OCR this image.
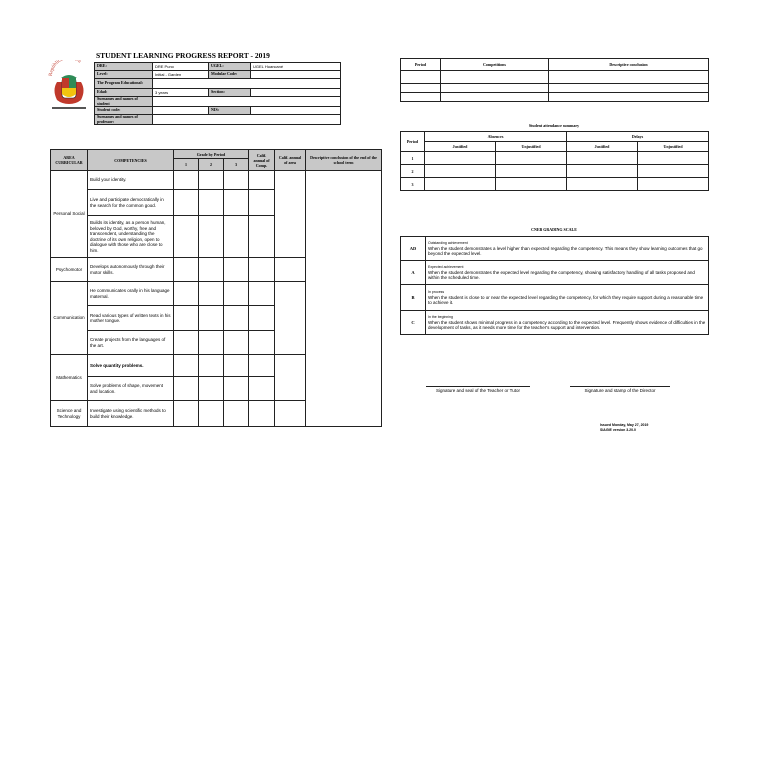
República rú
STUDENT LEARNING PROGRESS REPORT - 2019
DRE:	DRE Puno	UGEL:	UGEL Huancané
Level:	Initial - Garden	Modular Code:	
The Program Educational:			
Edad:	3 years	Section:	
Surnames and names of student			
Student code:		NIS:	
Surnames and names of professor:			
AREA CURRICULAR	COMPETENCIES	Grade by Period			Calif. annual of Comp.	Calif. annual of area	Descriptive conclusion of the end of the school term
		1	2	3			
Personal Social	Build your identity.						
	Live and participate democratically in the search for the common good.						
	Builds its identity, as a person human, beloved by God, worthy, free and transcendent, understanding the doctrine of its own religion, open to dialogue with those who are close to him.						
Psychomotor	Develops autonomously through their motor skills.						
Communication	He communicates orally in his language maternal.						
	Read various types of written texts in his mother tongue.						
	Create projects from the languages of the art.						
Mathematics	Solve quantity problems.						
	Solve problems of shape, movement and location.						
Science and Technology	Investigate using scientific methods to build their knowledge.						
Period	Competitions	Descriptive conclusion

Student attendance summary
Period	Absences		Delays	
	Justified	Unjustified	Justified	Unjustified
1				
2				
3				
CNEB GRADING SCALE
AD	Outstanding achievement
When the student demonstrates a level higher than expected regarding the competency. This means they show learning outcomes that go beyond the expected level.

A	Expected achievement
When the student demonstrates the expected level regarding the competency, showing satisfactory handling of all tasks proposed and within the scheduled time.

B	In process
When the student is close to or near the expected level regarding the competency, for which they require support during a reasonable time to achieve it.

C	In the beginning
When the student shows minimal progress in a competency according to the expected level. Frequently shows evidence of difficulties in the development of tasks, as it needs more time for the teacher's support and intervention.
Signature and seal of the Teacher or Tutor	Signature and stamp of the Director
Issued Monday, May 27, 2019
SIAGIE version 3.20.0
